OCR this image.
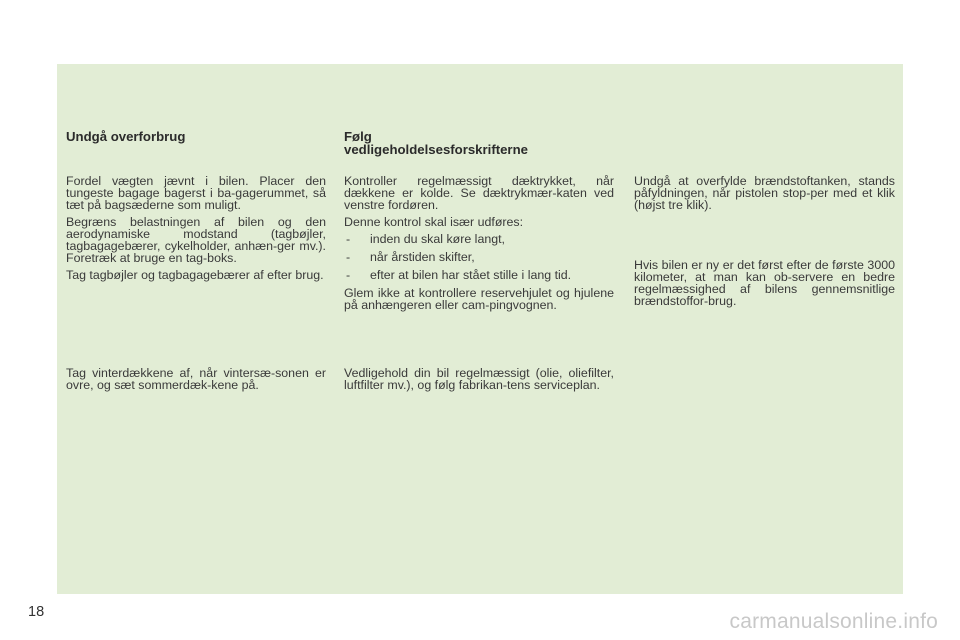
Undgå overforbrug

Fordel vægten jævnt i bilen. Placer den tungeste bagage bagerst i ba-gagerummet, så tæt på bagsæderne som muligt.

Begræns belastningen af bilen og den aerodynamiske modstand (tagbøjler, tagbagagebærer, cykelholder, anhæn-ger mv.). Foretræk at bruge en tag-boks.

Tag tagbøjler og tagbagagebærer af efter brug.

Tag vinterdækkene af, når vintersæ-sonen er ovre, og sæt sommerdæk-kene på.

Følg
vedligeholdelsesforskrifterne

Kontroller regelmæssigt dæktrykket, når dækkene er kolde. Se dæktrykmær-katen ved venstre fordøren.

Denne kontrol skal især udføres:

- inden du skal køre langt,
- når årstiden skifter,
- efter at bilen har stået stille i lang tid.

Glem ikke at kontrollere reservehjulet og hjulene på anhængeren eller cam-pingvognen.

Vedligehold din bil regelmæssigt (olie, oliefilter, luftfilter mv.), og følg fabrikan-tens serviceplan.

Undgå at overfylde brændstoftanken, stands påfyldningen, når pistolen stop-per med et klik (højst tre klik).

Hvis bilen er ny er det først efter de første 3000 kilometer, at man kan ob-servere en bedre regelmæssighed af bilens gennemsnitlige brændstoffor-brug.

18	carmanualsonline.info
